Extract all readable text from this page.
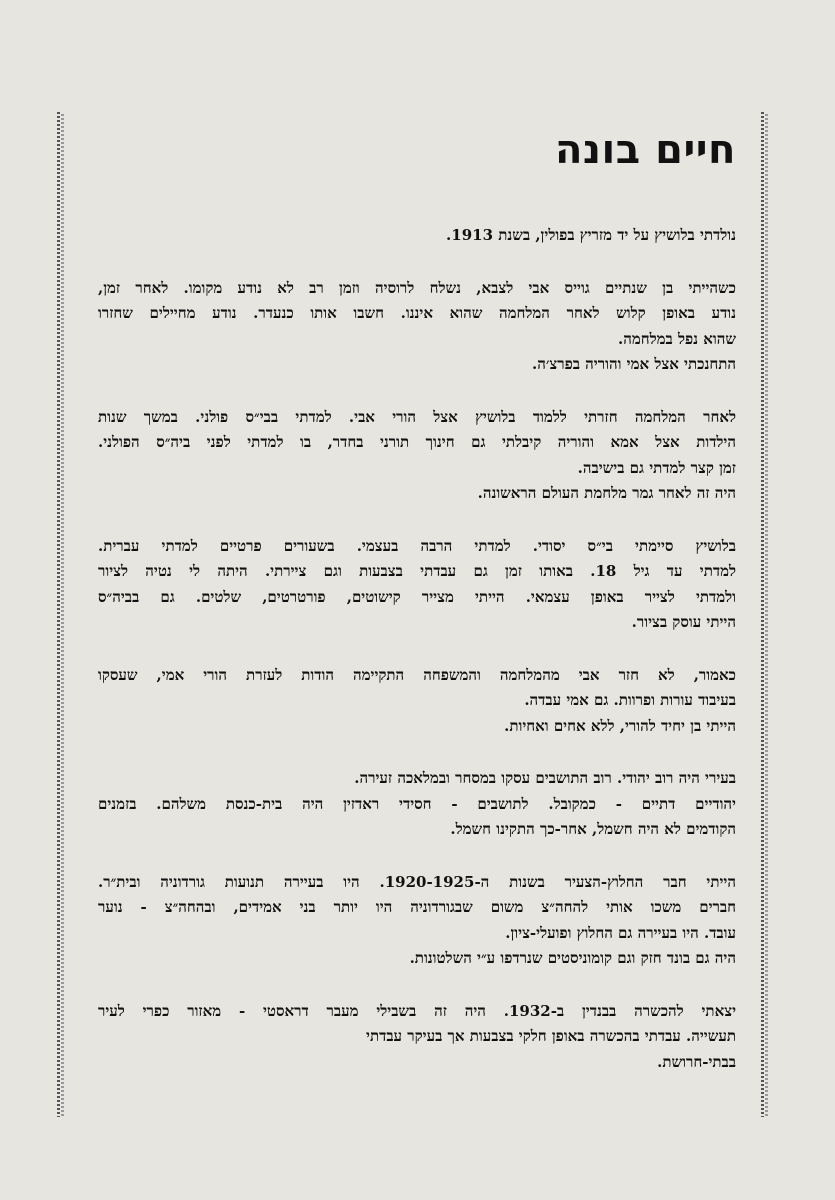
חיים בונה
נולדתי בלושיץ על יד מזריץ בפולין, בשנת 1913.
כשהייתי בן שנתיים גוייס אבי לצבא, נשלח לרוסיה וזמן רב לא נודע מקומו. לאחר זמן,
נודע באופן קלוש לאחר המלחמה שהוא איננו. חשבו אותו כנעדר. נודע מחיילים שחזרו
שהוא נפל במלחמה.
התחנכתי אצל אמי והוריה בפרצ׳ה.
לאחר המלחמה חזרתי ללמוד בלושיץ אצל הורי אבי. למדתי בבי״ס פולני. במשך שנות
הילדות אצל אמא והוריה קיבלתי גם חינוך תורני בחדר, בו למדתי לפני ביה״ס הפולני.
זמן קצר למדתי גם בישיבה.
היה זה לאחר גמר מלחמת העולם הראשונה.
בלושיץ סיימתי בי״ס יסודי. למדתי הרבה בעצמי. בשעורים פרטיים למדתי עברית.
למדתי עד גיל 18. באותו זמן גם עבדתי בצבעות וגם ציירתי. היתה לי נטיה לציור
ולמדתי לצייר באופן עצמאי. הייתי מצייר קישוטים, פורטרטים, שלטים. גם בביה״ס
הייתי עוסק בציור.
כאמור, לא חזר אבי מהמלחמה והמשפחה התקיימה הודות לעזרת הורי אמי, שעסקו
בעיבוד עורות ופרוות. גם אמי עבדה.
הייתי בן יחיד להורי, ללא אחים ואחיות.
בעירי היה רוב יהודי. רוב התושבים עסקו במסחר ובמלאכה זעירה.
יהודיים דתיים - כמקובל. לתושבים - חסידי ראדזין היה בית-כנסת משלהם. בזמנים
הקודמים לא היה חשמל, אחר-כך התקינו חשמל.
הייתי חבר החלוץ-הצעיר בשנות ה-1920-1925. היו בעיירה תנועות גורדוניה ובית״ר.
חברים משכו אותי להחה״צ משום שבגורדוניה היו יותר בני אמידים, ובהחה״צ - נוער
עובד. היו בעיירה גם החלוץ ופועלי-ציון.
היה גם בונד חזק וגם קומוניסטים שנרדפו ע״י השלטונות.
יצאתי להכשרה בבנדין ב-1932. היה זה בשבילי מעבר דראסטי - מאזור כפרי לעיר
תעשייה. עבדתי בהכשרה באופן חלקי בצבעות אך בעיקר עבדתי
בבתי-חרושת.
